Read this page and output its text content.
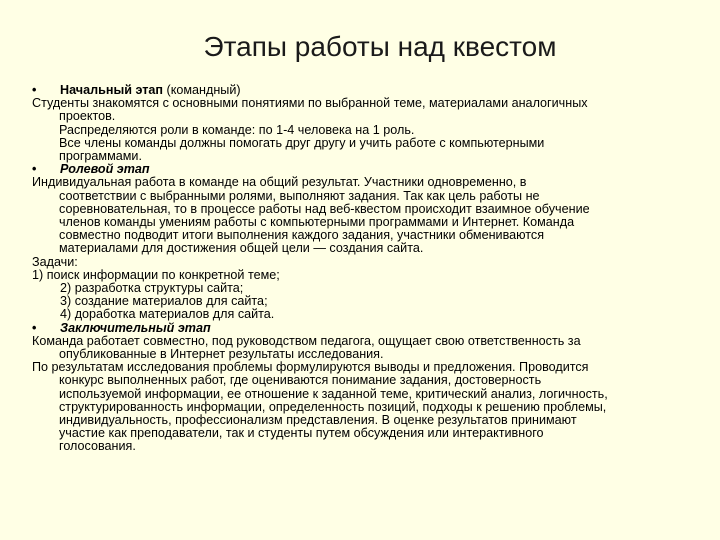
Этапы работы над квестом
• Начальный этап (командный)
Студенты знакомятся с основными понятиями по выбранной теме, материалами аналогичных
проектов.
Распределяются роли в команде: по 1-4 человека на 1 роль.
Все члены команды должны помогать друг другу и учить работе с компьютерными
программами.
• Ролевой этап
Индивидуальная работа в команде на общий результат. Участники одновременно, в
соответствии с выбранными ролями, выполняют задания. Так как цель работы не
соревновательная, то в процессе работы над веб-квестом происходит взаимное обучение
членов команды умениям работы с компьютерными программами и Интернет. Команда
совместно подводит итоги выполнения каждого задания, участники обмениваются
материалами для достижения общей цели — создания сайта.
Задачи:
1) поиск информации по конкретной теме;
2) разработка структуры сайта;
3) создание материалов для сайта;
4) доработка материалов для сайта.
• Заключительный этап
Команда работает совместно, под руководством педагога, ощущает свою ответственность за
опубликованные в Интернет результаты исследования.
По результатам исследования проблемы формулируются выводы и предложения. Проводится
конкурс выполненных работ, где оцениваются понимание задания, достоверность
используемой информации, ее отношение к заданной теме, критический анализ, логичность,
структурированность информации, определенность позиций, подходы к решению проблемы,
индивидуальность, профессионализм представления. В оценке результатов принимают
участие как преподаватели, так и студенты путем обсуждения или интерактивного
голосования.
